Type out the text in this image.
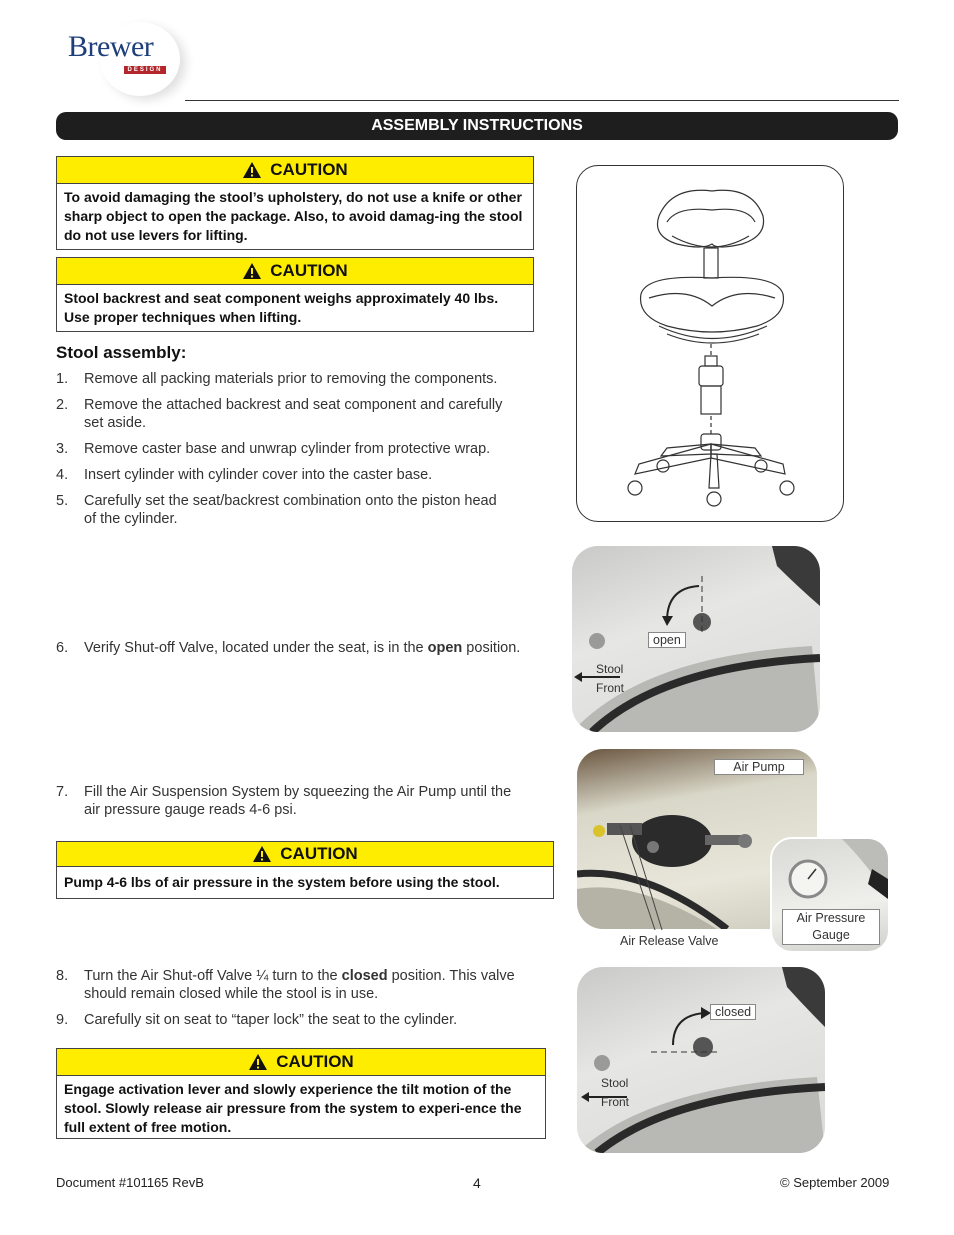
Brewer
DESIGN
ASSEMBLY INSTRUCTIONS
CAUTION
To avoid damaging the stool’s upholstery, do not use a knife or other sharp object to open the package. Also, to avoid damag-ing the stool do not use levers for lifting.
CAUTION
Stool backrest and seat component weighs approximately 40 lbs. Use proper techniques when lifting.
Stool assembly:
1. Remove all packing materials prior to removing the components.
2. Remove the attached backrest and seat component and carefully
set aside.
3. Remove caster base and unwrap cylinder from protective wrap.
4. Insert cylinder with cylinder cover into the caster base.
5. Carefully set the seat/backrest combination onto the piston head
of the cylinder.
6. Verify Shut-off Valve, located under the seat, is in the open position.
7. Fill the Air Suspension System by squeezing the Air Pump until the
air pressure gauge reads 4-6 psi.
CAUTION
Pump 4-6 lbs of air pressure in the system before using the stool.
8. Turn the Air Shut-off Valve ¼ turn to the closed position. This valve
should remain closed while the stool is in use.
9. Carefully sit on seat to “taper lock” the seat to the cylinder.
CAUTION
Engage activation lever and slowly experience the tilt motion of the stool. Slowly release air pressure from the system to experi-ence the full extent of free motion.
open
Stool
Front
Air Pump
Air Release Valve
Air Pressure
Gauge
closed
Stool
Front
Document #101165 RevB	4	© September 2009
